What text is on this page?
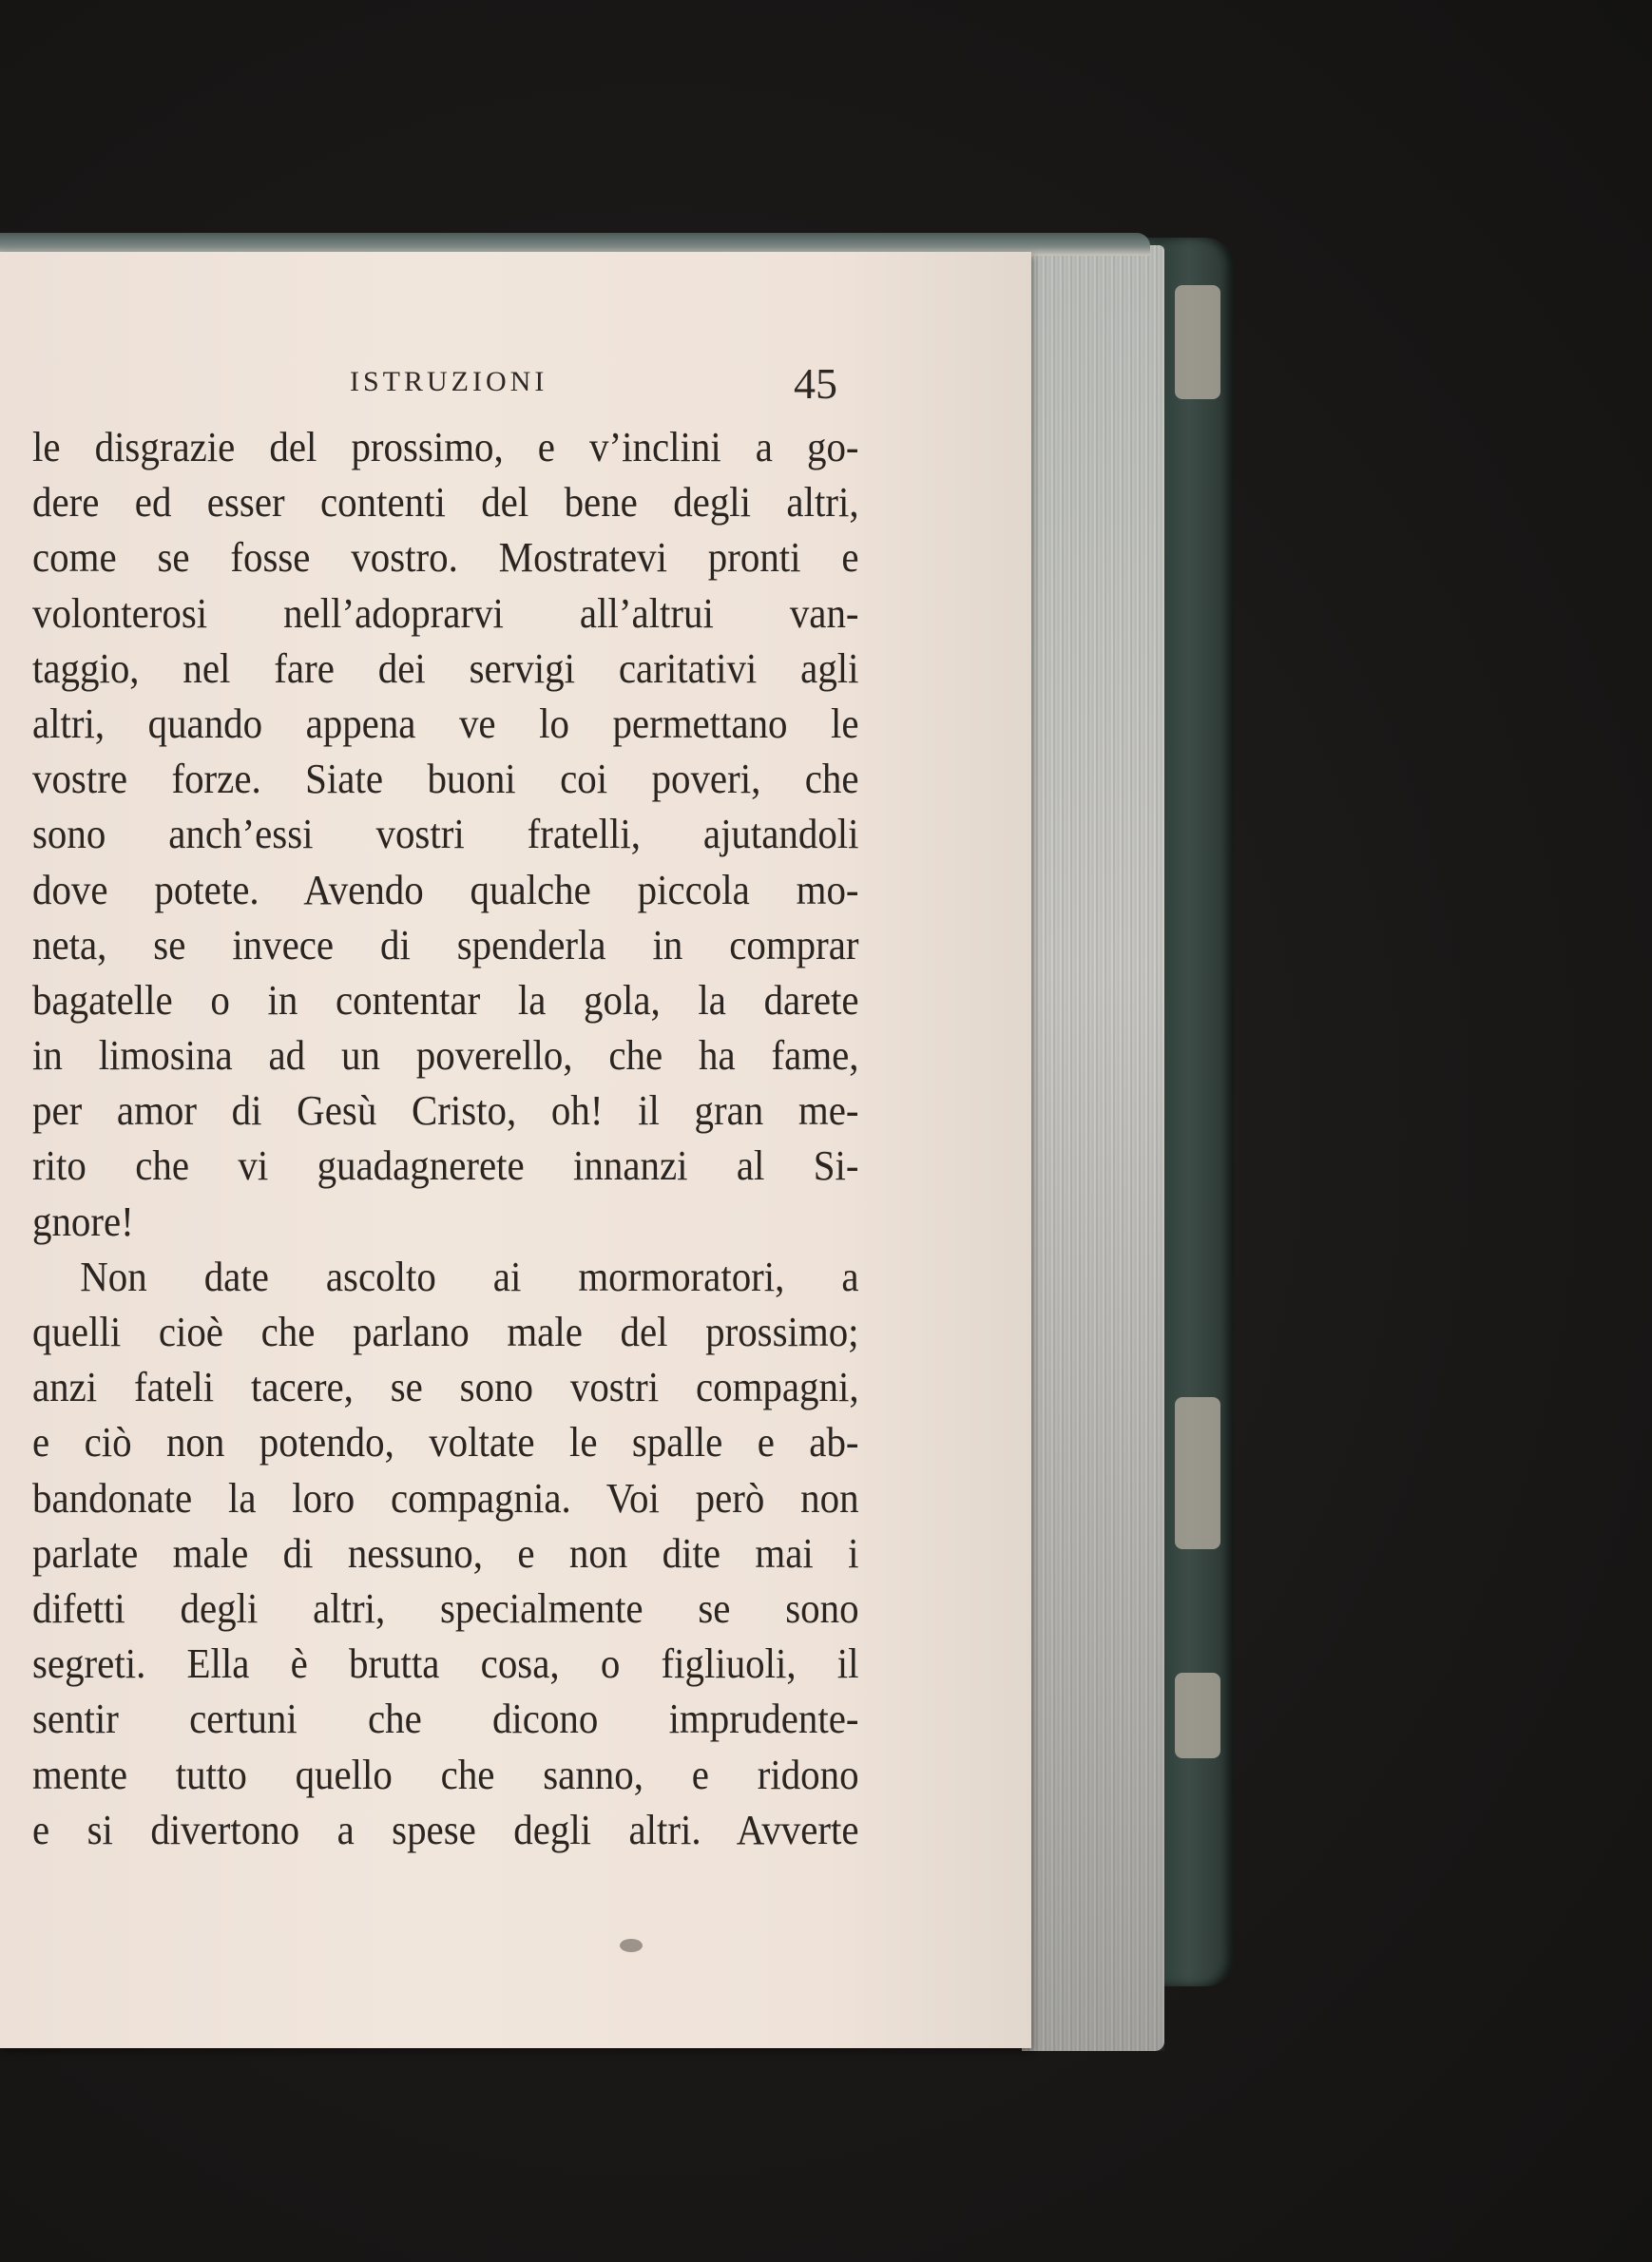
ISTRUZIONI	45
le disgrazie del prossimo, e v’inclini a go-
dere ed esser contenti del bene degli altri,
come se fosse vostro. Mostratevi pronti e
volonterosi nell’adoprarvi all’altrui van-
taggio, nel fare dei servigi caritativi agli
altri, quando appena ve lo permettano le
vostre forze. Siate buoni coi poveri, che
sono anch’essi vostri fratelli, ajutandoli
dove potete. Avendo qualche piccola mo-
neta, se invece di spenderla in comprar
bagatelle o in contentar la gola, la darete
in limosina ad un poverello, che ha fame,
per amor di Gesù Cristo, oh! il gran me-
rito che vi guadagnerete innanzi al Si-
gnore!
Non date ascolto ai mormoratori, a
quelli cioè che parlano male del prossimo;
anzi fateli tacere, se sono vostri compagni,
e ciò non potendo, voltate le spalle e ab-
bandonate la loro compagnia. Voi però non
parlate male di nessuno, e non dite mai i
difetti degli altri, specialmente se sono
segreti. Ella è brutta cosa, o figliuoli, il
sentir certuni che dicono imprudente-
mente tutto quello che sanno, e ridono
e si divertono a spese degli altri. Avverte
